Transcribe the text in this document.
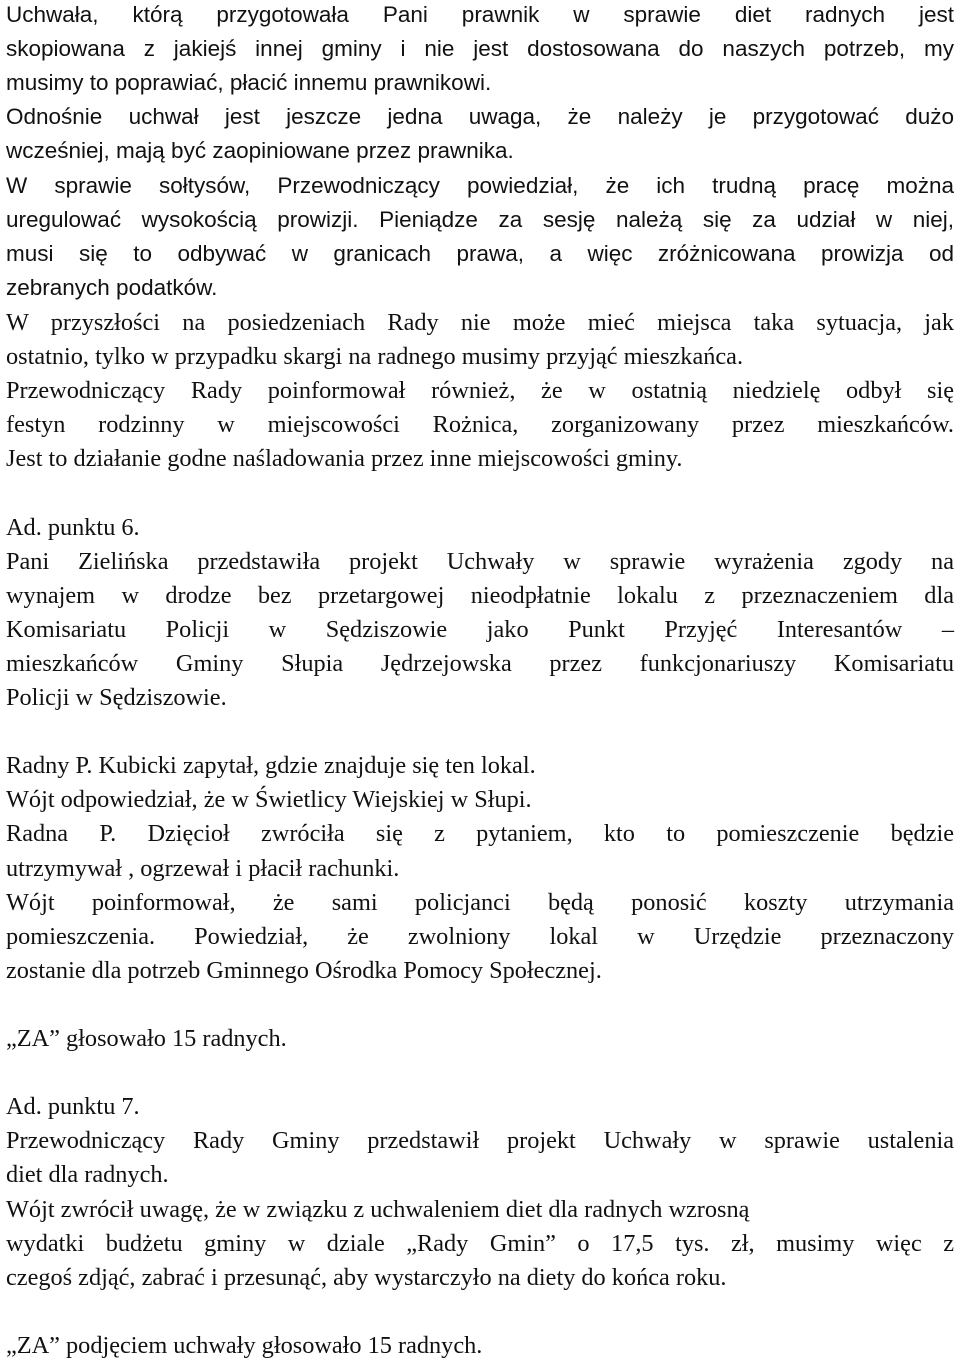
Uchwała, którą przygotowała Pani prawnik w sprawie diet radnych jest
skopiowana z jakiejś innej gminy i nie jest dostosowana do naszych potrzeb, my
musimy to poprawiać, płacić innemu prawnikowi.
Odnośnie uchwał jest jeszcze jedna uwaga, że należy je przygotować dużo
wcześniej, mają być zaopiniowane przez prawnika.
W sprawie sołtysów, Przewodniczący powiedział, że ich trudną pracę można
uregulować wysokością prowizji. Pieniądze za sesję należą się za udział w niej,
musi się to odbywać w granicach prawa, a więc zróżnicowana prowizja od
zebranych podatków.
W przyszłości na posiedzeniach Rady nie może mieć miejsca taka sytuacja, jak
ostatnio, tylko w przypadku skargi na radnego musimy przyjąć mieszkańca.
Przewodniczący Rady poinformował również, że w ostatnią niedzielę odbył się
festyn rodzinny w miejscowości Rożnica, zorganizowany przez mieszkańców.
Jest to działanie godne naśladowania przez inne miejscowości gminy.
Ad. punktu 6.
Pani Zielińska przedstawiła projekt Uchwały w sprawie wyrażenia zgody na
wynajem w drodze bez przetargowej nieodpłatnie lokalu z przeznaczeniem dla
Komisariatu Policji w Sędziszowie jako Punkt Przyjęć Interesantów –
mieszkańców Gminy Słupia Jędrzejowska przez funkcjonariuszy Komisariatu
Policji w Sędziszowie.
Radny P. Kubicki zapytał, gdzie znajduje się ten lokal.
Wójt odpowiedział, że w Świetlicy Wiejskiej w Słupi.
Radna P. Dzięcioł zwróciła się z pytaniem, kto to pomieszczenie będzie
utrzymywał , ogrzewał i płacił rachunki.
Wójt poinformował, że sami policjanci będą ponosić koszty utrzymania
pomieszczenia. Powiedział, że zwolniony lokal w Urzędzie przeznaczony
zostanie dla potrzeb Gminnego Ośrodka Pomocy Społecznej.
„ZA” głosowało 15 radnych.
Ad. punktu 7.
Przewodniczący Rady Gminy przedstawił projekt Uchwały w sprawie ustalenia
diet dla radnych.
Wójt zwrócił uwagę, że w związku z uchwaleniem diet dla radnych wzrosną
wydatki budżetu gminy w dziale „Rady Gmin” o 17,5 tys. zł, musimy więc z
czegoś zdjąć, zabrać i przesunąć, aby wystarczyło na diety do końca roku.
„ZA” podjęciem uchwały głosowało 15 radnych.
